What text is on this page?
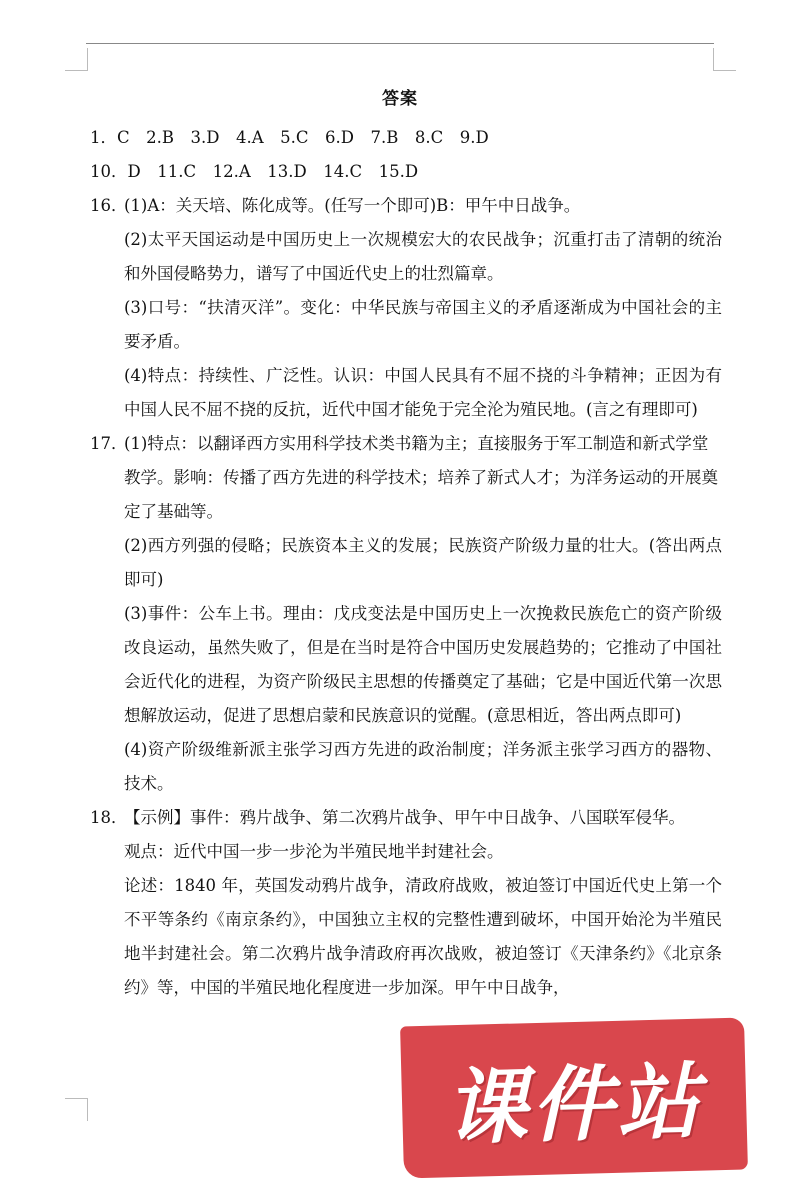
答案
1．C　2.B　3.D　4.A　5.C　6.D　7.B　8.C　9.D
10．D　11.C　12.A　13.D　14.C　15.D
16．
(1)A：关天培、陈化成等。(任写一个即可)B：甲午中日战争。
(2)太平天国运动是中国历史上一次规模宏大的农民战争；沉重打击了清朝的统治和外国侵略势力，谱写了中国近代史上的壮烈篇章。
(3)口号：“扶清灭洋”。变化：中华民族与帝国主义的矛盾逐渐成为中国社会的主要矛盾。
(4)特点：持续性、广泛性。认识：中国人民具有不屈不挠的斗争精神；正因为有中国人民不屈不挠的反抗，近代中国才能免于完全沦为殖民地。(言之有理即可)
17．
(1)特点：以翻译西方实用科学技术类书籍为主；直接服务于军工制造和新式学堂教学。影响：传播了西方先进的科学技术；培养了新式人才；为洋务运动的开展奠定了基础等。
(2)西方列强的侵略；民族资本主义的发展；民族资产阶级力量的壮大。(答出两点即可)
(3)事件：公车上书。理由：戊戌变法是中国历史上一次挽救民族危亡的资产阶级改良运动，虽然失败了，但是在当时是符合中国历史发展趋势的；它推动了中国社会近代化的进程，为资产阶级民主思想的传播奠定了基础；它是中国近代第一次思想解放运动，促进了思想启蒙和民族意识的觉醒。(意思相近，答出两点即可)
(4)资产阶级维新派主张学习西方先进的政治制度；洋务派主张学习西方的器物、技术。
18．
【示例】事件：鸦片战争、第二次鸦片战争、甲午中日战争、八国联军侵华。
观点：近代中国一步一步沦为半殖民地半封建社会。
论述：1840 年，英国发动鸦片战争，清政府战败，被迫签订中国近代史上第一个不平等条约《南京条约》，中国独立主权的完整性遭到破坏，中国开始沦为半殖民地半封建社会。第二次鸦片战争清政府再次战败，被迫签订《天津条约》《北京条约》等，中国的半殖民地化程度进一步加深。甲午中日战争，
课件站
